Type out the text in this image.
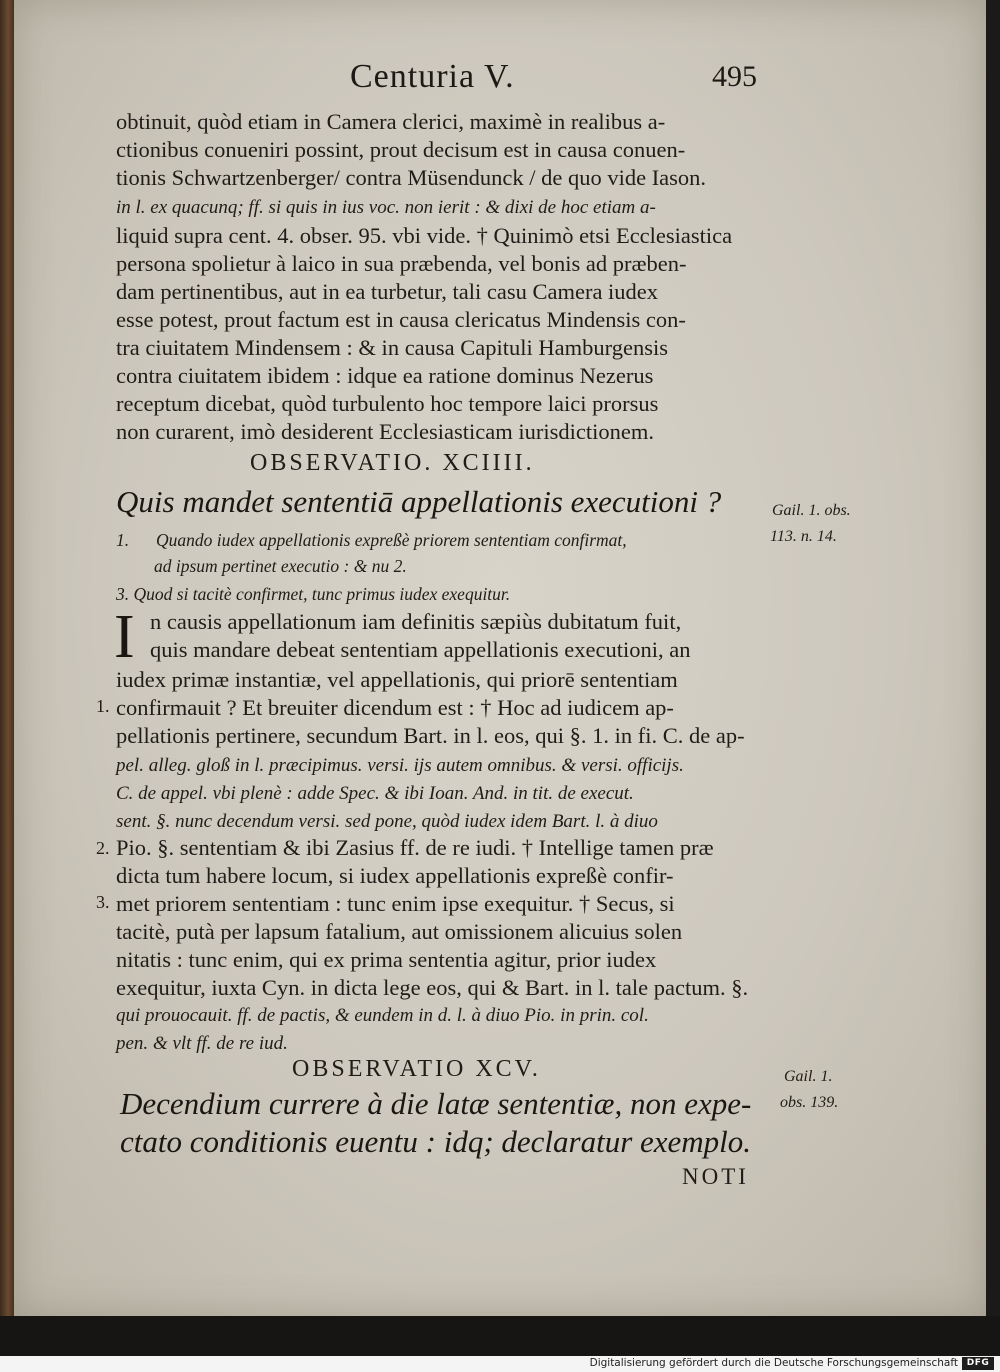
Centuria V.	495
obtinuit, quòd etiam in Camera clerici, maximè in realibus a-
ctionibus conueniri possint, prout decisum est in causa conuen-
tionis Schwartzenberger/ contra Müsendunck / de quo vide Iason.
in l. ex quacunq; ff. si quis in ius voc. non ierit : & dixi de hoc etiam a-
liquid supra cent. 4. obser. 95. vbi vide. † Quinimò etsi Ecclesiastica
persona spolietur à laico in sua præbenda, vel bonis ad præben-
dam pertinentibus, aut in ea turbetur, tali casu Camera iudex
esse potest, prout factum est in causa clericatus Mindensis con-
tra ciuitatem Mindensem : & in causa Capituli Hamburgensis
contra ciuitatem ibidem : idque ea ratione dominus Nezerus
receptum dicebat, quòd turbulento hoc tempore laici prorsus
non curarent, imò desiderent Ecclesiasticam iurisdictionem.
OBSERVATIO. XCIIII.
Quis mandet sententiā appellationis executioni ?	Gail. 1. obs.
113. n. 14.
1. Quando iudex appellationis expreßè priorem sententiam confirmat,
ad ipsum pertinet executio : & nu 2.
3. Quod si tacitè confirmet, tunc primus iudex exequitur.
I n causis appellationum iam definitis sæpiùs dubitatum fuit,
quis mandare debeat sententiam appellationis executioni, an
iudex primæ instantiæ, vel appellationis, qui priorē sententiam
confirmauit ? Et breuiter dicendum est : † Hoc ad iudicem ap-
pellationis pertinere, secundum Bart. in l. eos, qui §. 1. in fi. C. de ap-
pel. alleg. gloß in l. præcipimus. versi. ijs autem omnibus. & versi. officijs.
C. de appel. vbi plenè : adde Spec. & ibi Ioan. And. in tit. de execut.
sent. §. nunc decendum versi. sed pone, quòd iudex idem Bart. l. à diuo
Pio. §. sententiam & ibi Zasius ff. de re iudi. † Intellige tamen præ
dicta tum habere locum, si iudex appellationis expreßè confir-
met priorem sententiam : tunc enim ipse exequitur. † Secus, si
tacitè, putà per lapsum fatalium, aut omissionem alicuius solen
nitatis : tunc enim, qui ex prima sententia agitur, prior iudex
exequitur, iuxta Cyn. in dicta lege eos, qui & Bart. in l. tale pactum. §.
qui prouocauit. ff. de pactis, & eundem in d. l. à diuo Pio. in prin. col.
pen. & vlt ff. de re iud.
1.
2.
3.
OBSERVATIO XCV.	Gail. 1.
obs. 139.
Decendium currere à die latæ sententiæ, non expe-
ctato conditionis euentu : idq; declaratur exemplo.
NOTI
Digitalisierung gefördert durch die Deutsche Forschungsgemeinschaft DFG
